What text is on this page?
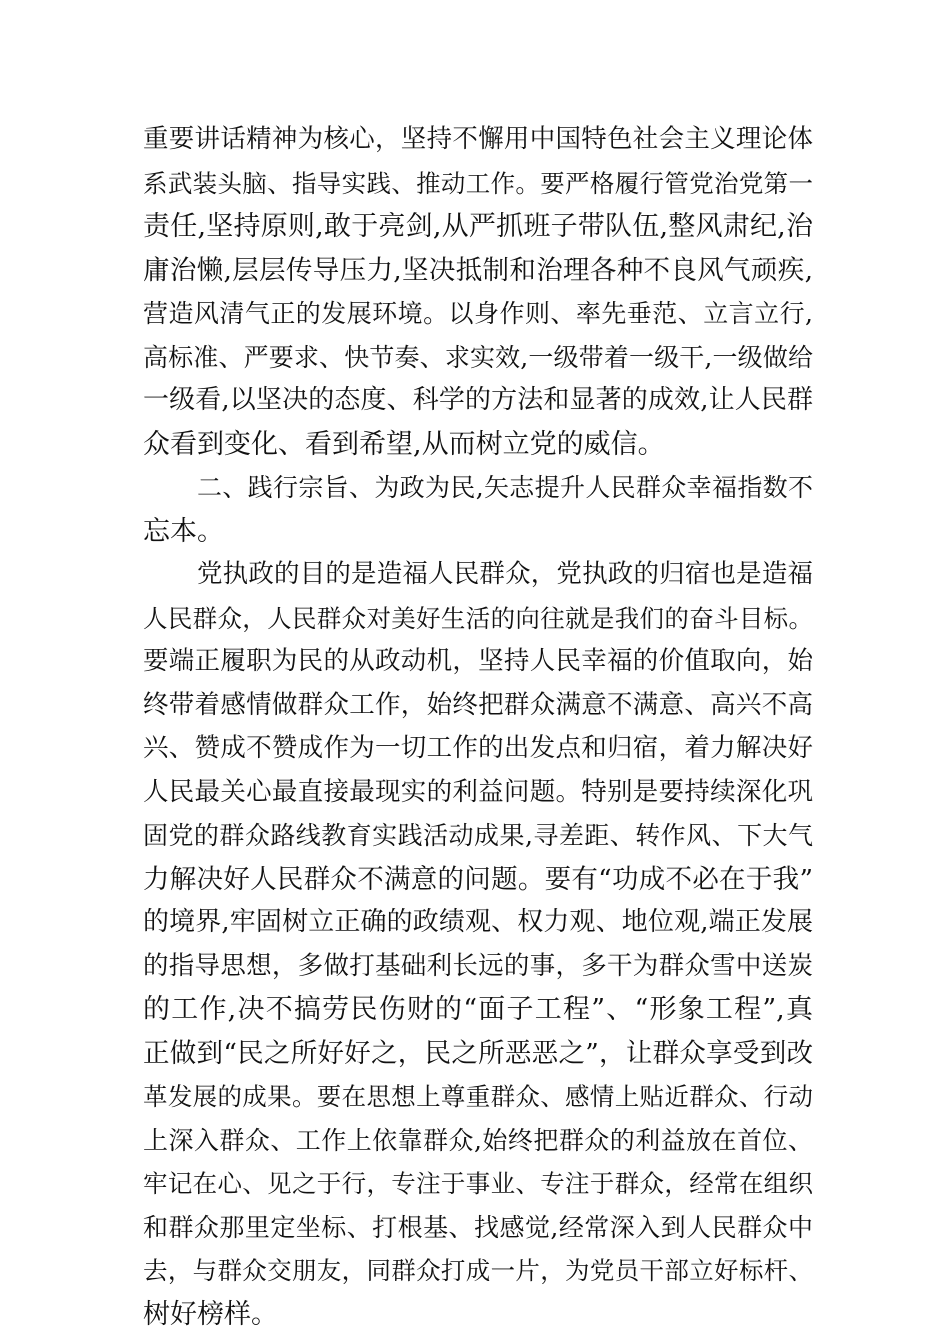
重要讲话精神为核心，坚持不懈用中国特色社会主义理论体
系武装头脑、指导实践、推动工作。要严格履行管党治党第一
责任,坚持原则,敢于亮剑,从严抓班子带队伍,整风肃纪,治
庸治懒,层层传导压力,坚决抵制和治理各种不良风气顽疾,
营造风清气正的发展环境。以身作则、率先垂范、立言立行,
高标准、严要求、快节奏、求实效,一级带着一级干,一级做给
一级看,以坚决的态度、科学的方法和显著的成效,让人民群
众看到变化、看到希望,从而树立党的威信。
二、践行宗旨、为政为民,矢志提升人民群众幸福指数不
忘本。
党执政的目的是造福人民群众，党执政的归宿也是造福
人民群众，人民群众对美好生活的向往就是我们的奋斗目标。
要端正履职为民的从政动机，坚持人民幸福的价值取向，始
终带着感情做群众工作，始终把群众满意不满意、高兴不高
兴、赞成不赞成作为一切工作的出发点和归宿，着力解决好
人民最关心最直接最现实的利益问题。特别是要持续深化巩
固党的群众路线教育实践活动成果,寻差距、转作风、下大气
力解决好人民群众不满意的问题。要有“功成不必在于我”
的境界,牢固树立正确的政绩观、权力观、地位观,端正发展
的指导思想，多做打基础利长远的事，多干为群众雪中送炭
的工作,决不搞劳民伤财的“面子工程”、“形象工程”,真
正做到“民之所好好之，民之所恶恶之”，让群众享受到改
革发展的成果。要在思想上尊重群众、感情上贴近群众、行动
上深入群众、工作上依靠群众,始终把群众的利益放在首位、
牢记在心、见之于行，专注于事业、专注于群众，经常在组织
和群众那里定坐标、打根基、找感觉,经常深入到人民群众中
去，与群众交朋友，同群众打成一片，为党员干部立好标杆、
树好榜样。
